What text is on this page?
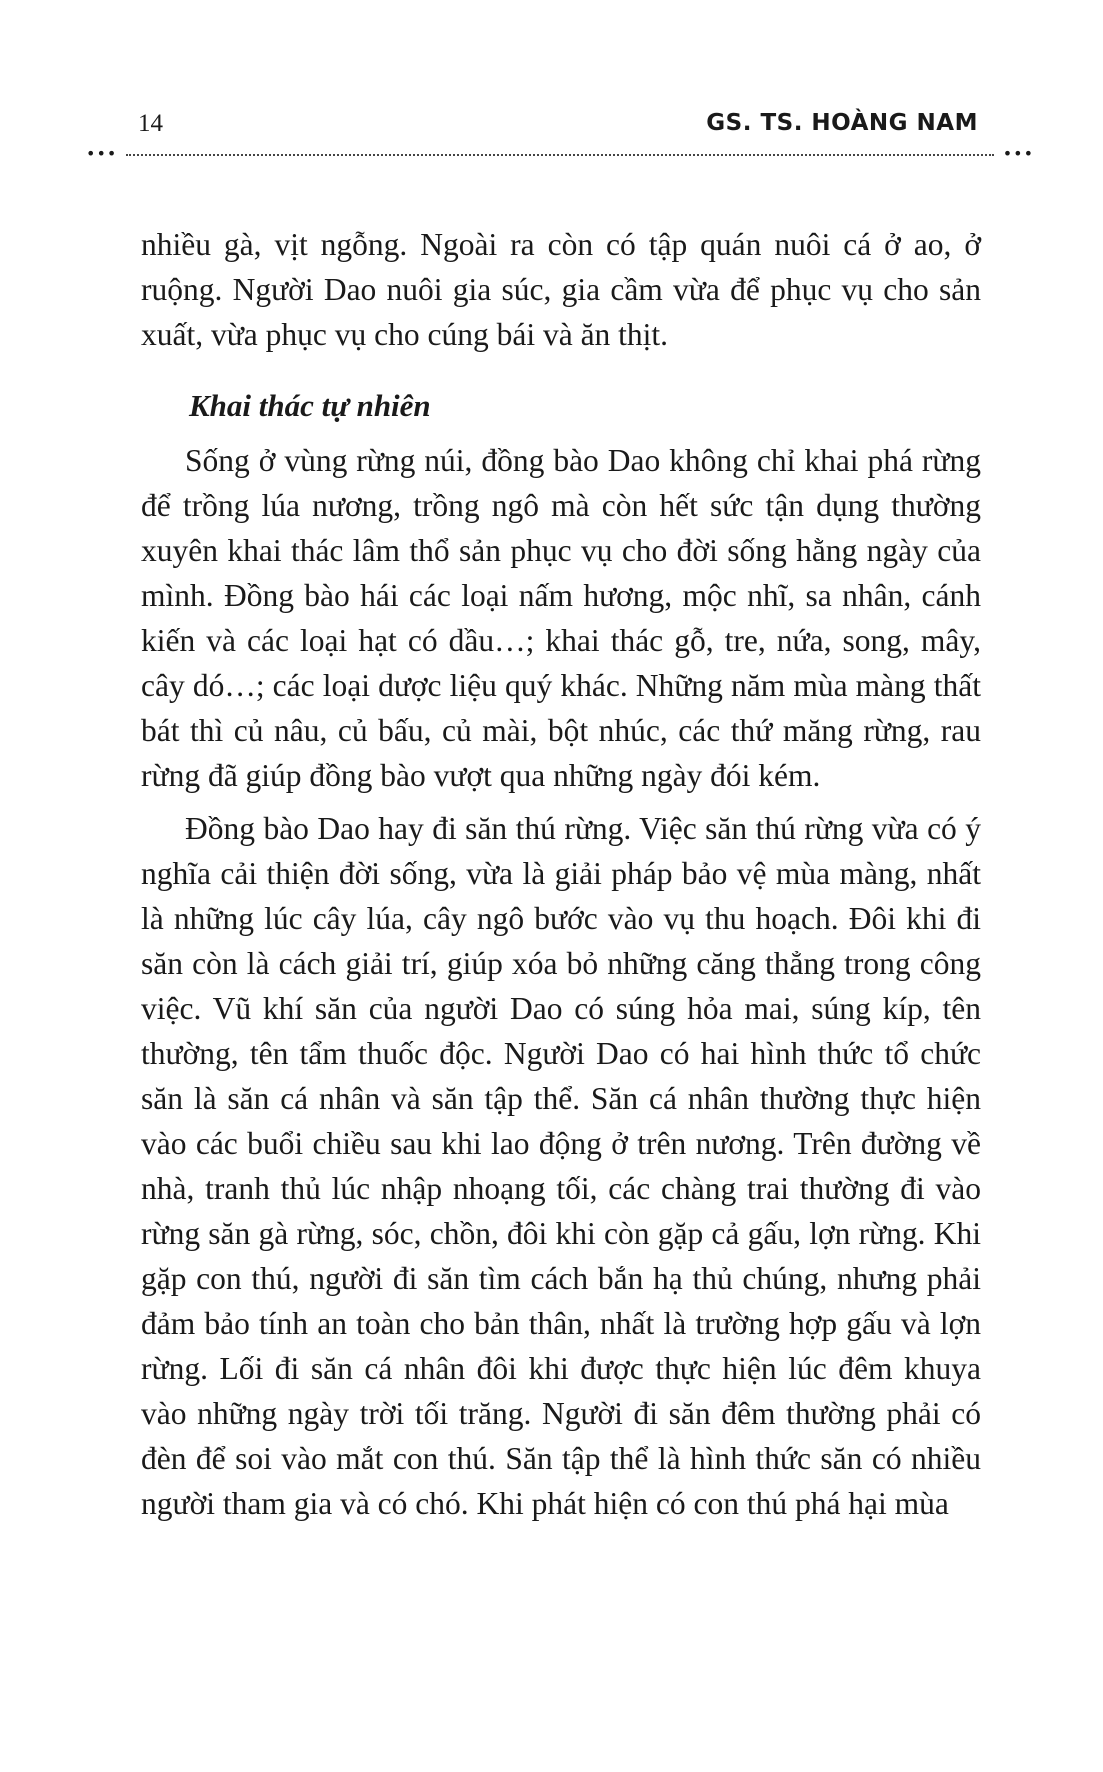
14	GS. TS. HOÀNG NAM
•••	•••

nhiều gà, vịt ngỗng. Ngoài ra còn có tập quán nuôi cá ở ao, ở ruộng. Người Dao nuôi gia súc, gia cầm vừa để phục vụ cho sản xuất, vừa phục vụ cho cúng bái và ăn thịt.

Khai thác tự nhiên

Sống ở vùng rừng núi, đồng bào Dao không chỉ khai phá rừng để trồng lúa nương, trồng ngô mà còn hết sức tận dụng thường xuyên khai thác lâm thổ sản phục vụ cho đời sống hằng ngày của mình. Đồng bào hái các loại nấm hương, mộc nhĩ, sa nhân, cánh kiến và các loại hạt có dầu…; khai thác gỗ, tre, nứa, song, mây, cây dó…; các loại dược liệu quý khác. Những năm mùa màng thất bát thì củ nâu, củ bấu, củ mài, bột nhúc, các thứ măng rừng, rau rừng đã giúp đồng bào vượt qua những ngày đói kém.

Đồng bào Dao hay đi săn thú rừng. Việc săn thú rừng vừa có ý nghĩa cải thiện đời sống, vừa là giải pháp bảo vệ mùa màng, nhất là những lúc cây lúa, cây ngô bước vào vụ thu hoạch. Đôi khi đi săn còn là cách giải trí, giúp xóa bỏ những căng thẳng trong công việc. Vũ khí săn của người Dao có súng hỏa mai, súng kíp, tên thường, tên tẩm thuốc độc. Người Dao có hai hình thức tổ chức săn là săn cá nhân và săn tập thể. Săn cá nhân thường thực hiện vào các buổi chiều sau khi lao động ở trên nương. Trên đường về nhà, tranh thủ lúc nhập nhoạng tối, các chàng trai thường đi vào rừng săn gà rừng, sóc, chồn, đôi khi còn gặp cả gấu, lợn rừng. Khi gặp con thú, người đi săn tìm cách bắn hạ thủ chúng, nhưng phải đảm bảo tính an toàn cho bản thân, nhất là trường hợp gấu và lợn rừng. Lối đi săn cá nhân đôi khi được thực hiện lúc đêm khuya vào những ngày trời tối trăng. Người đi săn đêm thường phải có đèn để soi vào mắt con thú. Săn tập thể là hình thức săn có nhiều người tham gia và có chó. Khi phát hiện có con thú phá hại mùa
